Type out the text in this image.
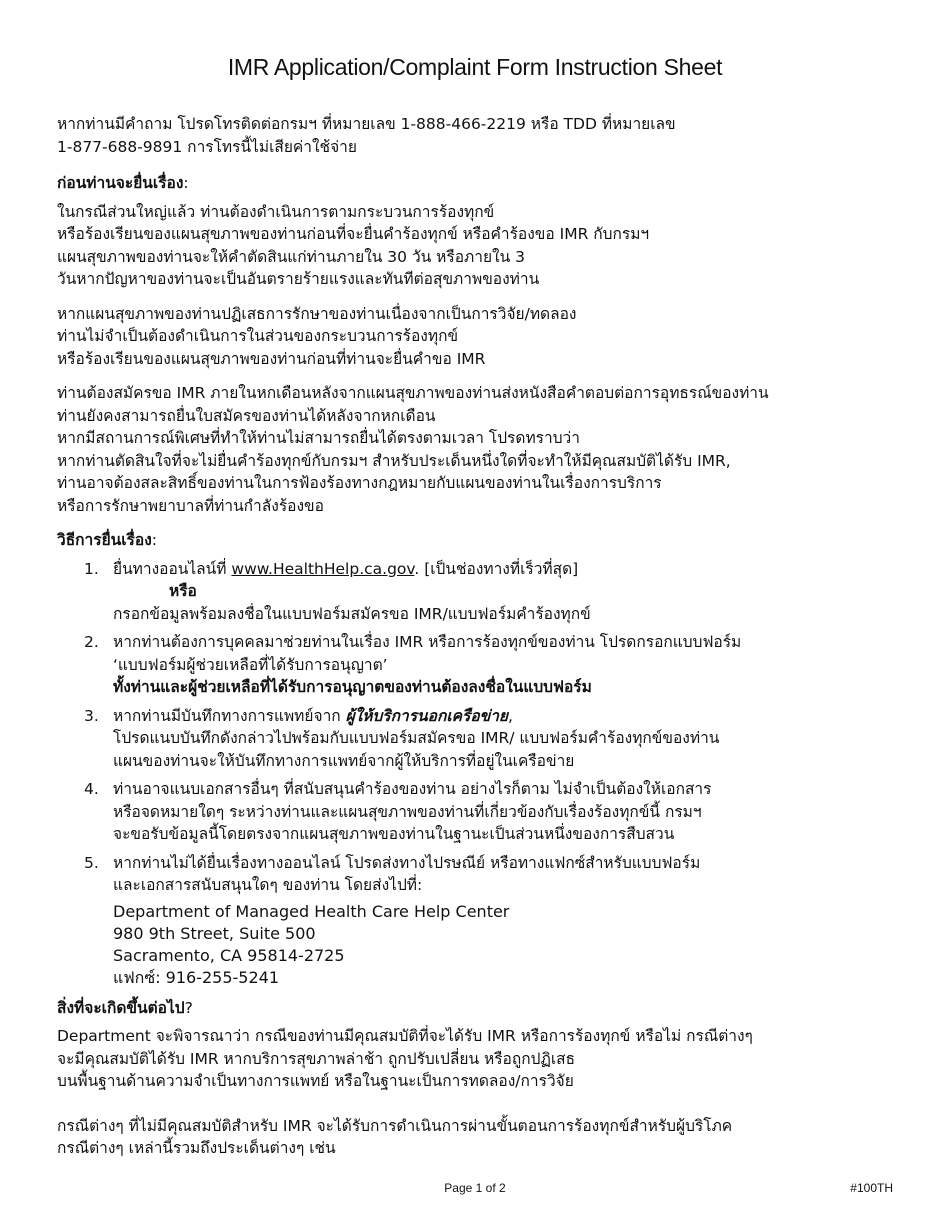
IMR Application/Complaint Form Instruction Sheet

หากท่านมีคำถาม โปรดโทรติดต่อกรมฯ ที่หมายเลข 1-888-466-2219 หรือ TDD ที่หมายเลข
1-877-688-9891 การโทรนี้ไม่เสียค่าใช้จ่าย

ก่อนท่านจะยื่นเรื่อง:

ในกรณีส่วนใหญ่แล้ว ท่านต้องดำเนินการตามกระบวนการร้องทุกข์
หรือร้องเรียนของแผนสุขภาพของท่านก่อนที่จะยื่นคำร้องทุกข์ หรือคำร้องขอ IMR กับกรมฯ
แผนสุขภาพของท่านจะให้คำตัดสินแก่ท่านภายใน 30 วัน หรือภายใน 3
วันหากปัญหาของท่านจะเป็นอันตรายร้ายแรงและทันทีต่อสุขภาพของท่าน

หากแผนสุขภาพของท่านปฏิเสธการรักษาของท่านเนื่องจากเป็นการวิจัย/ทดลอง
ท่านไม่จำเป็นต้องดำเนินการในส่วนของกระบวนการร้องทุกข์
หรือร้องเรียนของแผนสุขภาพของท่านก่อนที่ท่านจะยื่นคำขอ IMR

ท่านต้องสมัครขอ IMR ภายในหกเดือนหลังจากแผนสุขภาพของท่านส่งหนังสือคำตอบต่อการอุทธรณ์ของท่าน
ท่านยังคงสามารถยื่นใบสมัครของท่านได้หลังจากหกเดือน
หากมีสถานการณ์พิเศษที่ทำให้ท่านไม่สามารถยื่นได้ตรงตามเวลา โปรดทราบว่า
หากท่านตัดสินใจที่จะไม่ยื่นคำร้องทุกข์กับกรมฯ สำหรับประเด็นหนึ่งใดที่จะทำให้มีคุณสมบัติได้รับ IMR,
ท่านอาจต้องสละสิทธิ์ของท่านในการฟ้องร้องทางกฎหมายกับแผนของท่านในเรื่องการบริการ
หรือการรักษาพยาบาลที่ท่านกำลังร้องขอ

วิธีการยื่นเรื่อง:
1. ยื่นทางออนไลน์ที่ www.HealthHelp.ca.gov. [เป็นช่องทางที่เร็วที่สุด]
หรือ
กรอกข้อมูลพร้อมลงชื่อในแบบฟอร์มสมัครขอ IMR/แบบฟอร์มคำร้องทุกข์
2. หากท่านต้องการบุคคลมาช่วยท่านในเรื่อง IMR หรือการร้องทุกข์ของท่าน โปรดกรอกแบบฟอร์ม
‘แบบฟอร์มผู้ช่วยเหลือที่ได้รับการอนุญาต’
ทั้งท่านและผู้ช่วยเหลือที่ได้รับการอนุญาตของท่านต้องลงชื่อในแบบฟอร์ม
3. หากท่านมีบันทึกทางการแพทย์จาก ผู้ให้บริการนอกเครือข่าย,
โปรดแนบบันทึกดังกล่าวไปพร้อมกับแบบฟอร์มสมัครขอ IMR/ แบบฟอร์มคำร้องทุกข์ของท่าน
แผนของท่านจะให้บันทึกทางการแพทย์จากผู้ให้บริการที่อยู่ในเครือข่าย
4. ท่านอาจแนบเอกสารอื่นๆ ที่สนับสนุนคำร้องของท่าน อย่างไรก็ตาม ไม่จำเป็นต้องให้เอกสาร
หรือจดหมายใดๆ ระหว่างท่านและแผนสุขภาพของท่านที่เกี่ยวข้องกับเรื่องร้องทุกข์นี้ กรมฯ
จะขอรับข้อมูลนี้โดยตรงจากแผนสุขภาพของท่านในฐานะเป็นส่วนหนึ่งของการสืบสวน
5. หากท่านไม่ได้ยื่นเรื่องทางออนไลน์ โปรดส่งทางไปรษณีย์ หรือทางแฟกซ์สำหรับแบบฟอร์ม
และเอกสารสนับสนุนใดๆ ของท่าน โดยส่งไปที่:
Department of Managed Health Care Help Center
980 9th Street, Suite 500
Sacramento, CA 95814-2725
แฟกซ์: 916-255-5241
สิ่งที่จะเกิดขึ้นต่อไป?

Department จะพิจารณาว่า กรณีของท่านมีคุณสมบัติที่จะได้รับ IMR หรือการร้องทุกข์ หรือไม่ กรณีต่างๆ
จะมีคุณสมบัติได้รับ IMR หากบริการสุขภาพล่าช้า ถูกปรับเปลี่ยน หรือถูกปฏิเสธ
บนพื้นฐานด้านความจำเป็นทางการแพทย์ หรือในฐานะเป็นการทดลอง/การวิจัย

กรณีต่างๆ ที่ไม่มีคุณสมบัติสำหรับ IMR จะได้รับการดำเนินการผ่านขั้นตอนการร้องทุกข์สำหรับผู้บริโภค
กรณีต่างๆ เหล่านี้รวมถึงประเด็นต่างๆ เช่น

Page 1 of 2	#100TH
